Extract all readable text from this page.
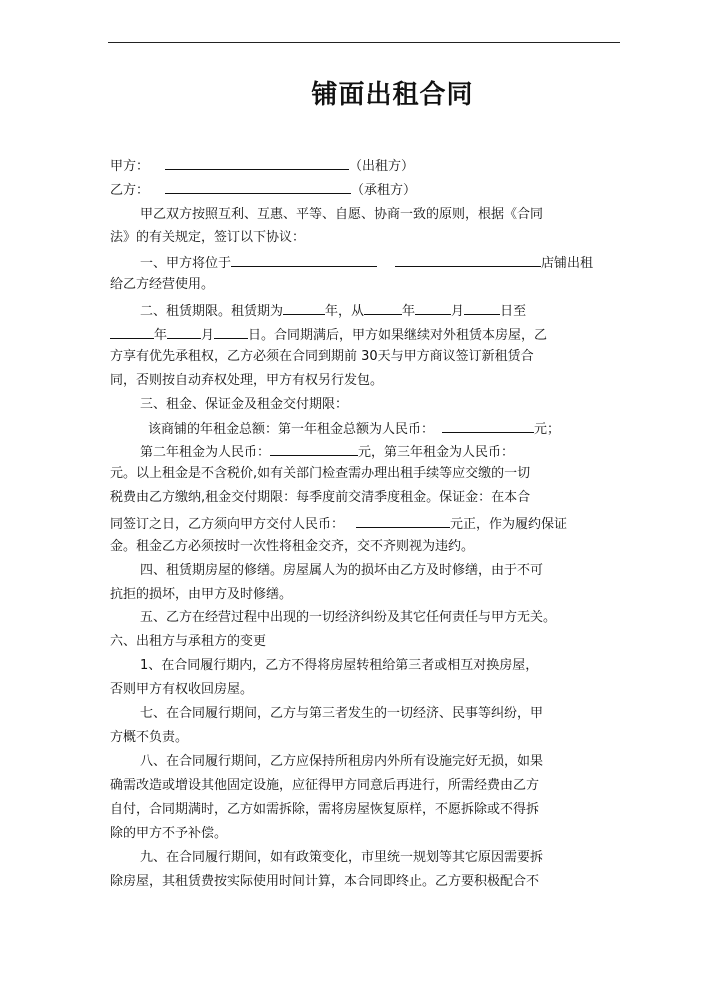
铺面出租合同
甲方：	（出租方）
乙方：	（承租方）
甲乙双方按照互利、互惠、平等、自愿、协商一致的原则，根据《合同
法》的有关规定，签订以下协议：
一、甲方将位于	店铺出租
给乙方经营使用。
二、租赁期限。租赁期为	年，从	年	月	日至
年	月	日。合同期满后，甲方如果继续对外租赁本房屋，乙
方享有优先承租权，乙方必须在合同到期前 30天与甲方商议签订新租赁合
同，否则按自动弃权处理，甲方有权另行发包。
三、租金、保证金及租金交付期限：
该商铺的年租金总额：第一年租金总额为人民币：	元；
第二年租金为人民币：	元，第三年租金为人民币：
元。以上租金是不含税价,如有关部门检查需办理出租手续等应交缴的一切
税费由乙方缴纳,租金交付期限：每季度前交清季度租金。保证金：在本合
同签订之日，乙方须向甲方交付人民币：	元正，作为履约保证
金。租金乙方必须按时一次性将租金交齐，交不齐则视为违约。
四、租赁期房屋的修缮。房屋属人为的损坏由乙方及时修缮，由于不可
抗拒的损坏，由甲方及时修缮。
五、乙方在经营过程中出现的一切经济纠纷及其它任何责任与甲方无关。
六、出租方与承租方的变更
1、在合同履行期内，乙方不得将房屋转租给第三者或相互对换房屋，
否则甲方有权收回房屋。
七、在合同履行期间，乙方与第三者发生的一切经济、民事等纠纷，甲
方概不负责。
八、在合同履行期间，乙方应保持所租房内外所有设施完好无损，如果
确需改造或增设其他固定设施，应征得甲方同意后再进行，所需经费由乙方
自付，合同期满时，乙方如需拆除，需将房屋恢复原样，不愿拆除或不得拆
除的甲方不予补偿。
九、在合同履行期间，如有政策变化，市里统一规划等其它原因需要拆
除房屋，其租赁费按实际使用时间计算，本合同即终止。乙方要积极配合不
